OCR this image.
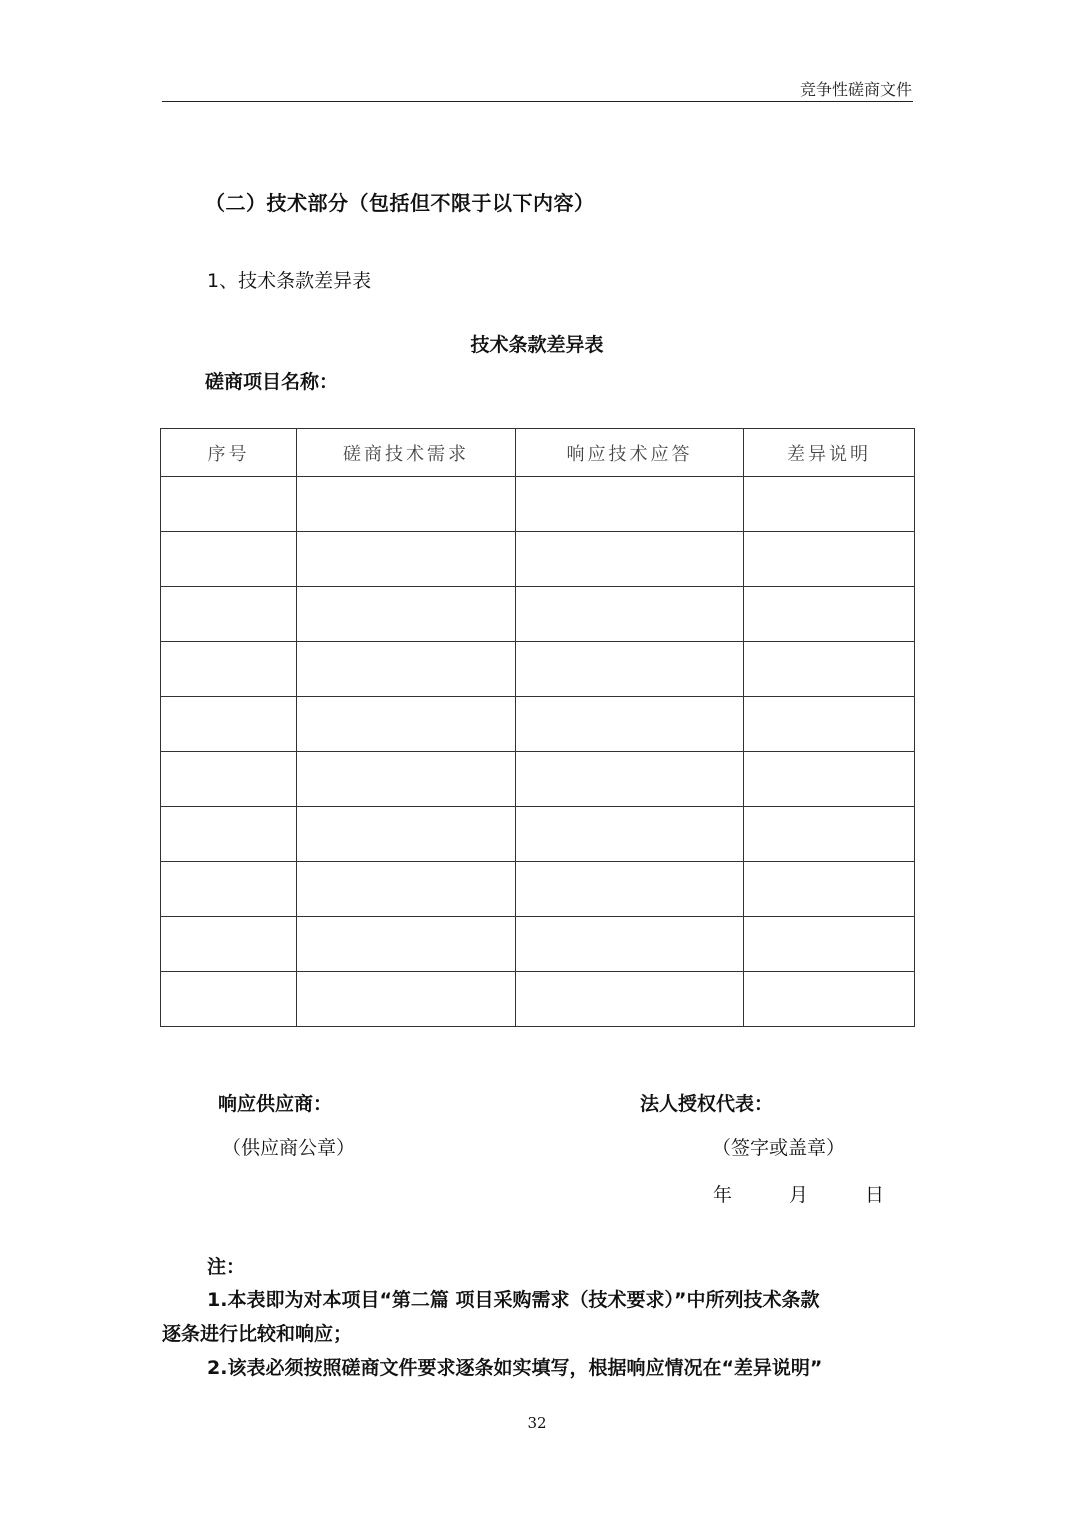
竞争性磋商文件
（二）技术部分（包括但不限于以下内容）
1、技术条款差异表
技术条款差异表
磋商项目名称：
序号	磋商技术需求	响应技术应答	差异说明

响应供应商：
（供应商公章）
法人授权代表：
（签字或盖章）
年	月	日
注：
1.本表即为对本项目“第二篇 项目采购需求（技术要求）”中所列技术条款
逐条进行比较和响应；
2.该表必须按照磋商文件要求逐条如实填写，根据响应情况在“差异说明”
32
